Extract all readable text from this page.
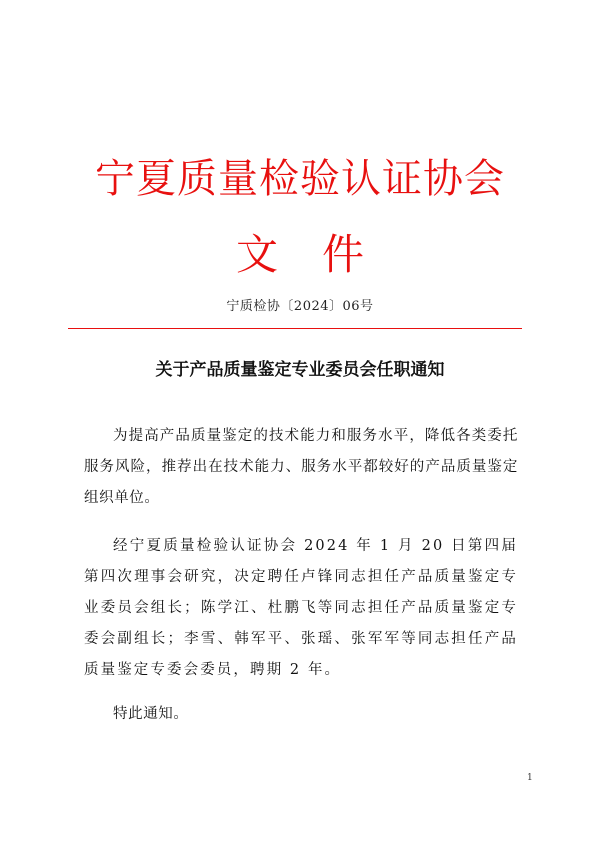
宁夏质量检验认证协会
文 件
宁质检协〔2024〕06号
关于产品质量鉴定专业委员会任职通知
为提高产品质量鉴定的技术能力和服务水平，降低各类委托服务风险，推荐出在技术能力、服务水平都较好的产品质量鉴定组织单位。
经宁夏质量检验认证协会 2024 年 1 月 20 日第四届第四次理事会研究，决定聘任卢锋同志担任产品质量鉴定专业委员会组长；陈学江、杜鹏飞等同志担任产品质量鉴定专委会副组长；李雪、韩军平、张瑶、张军军等同志担任产品质量鉴定专委会委员，聘期 2 年。
特此通知。
1
